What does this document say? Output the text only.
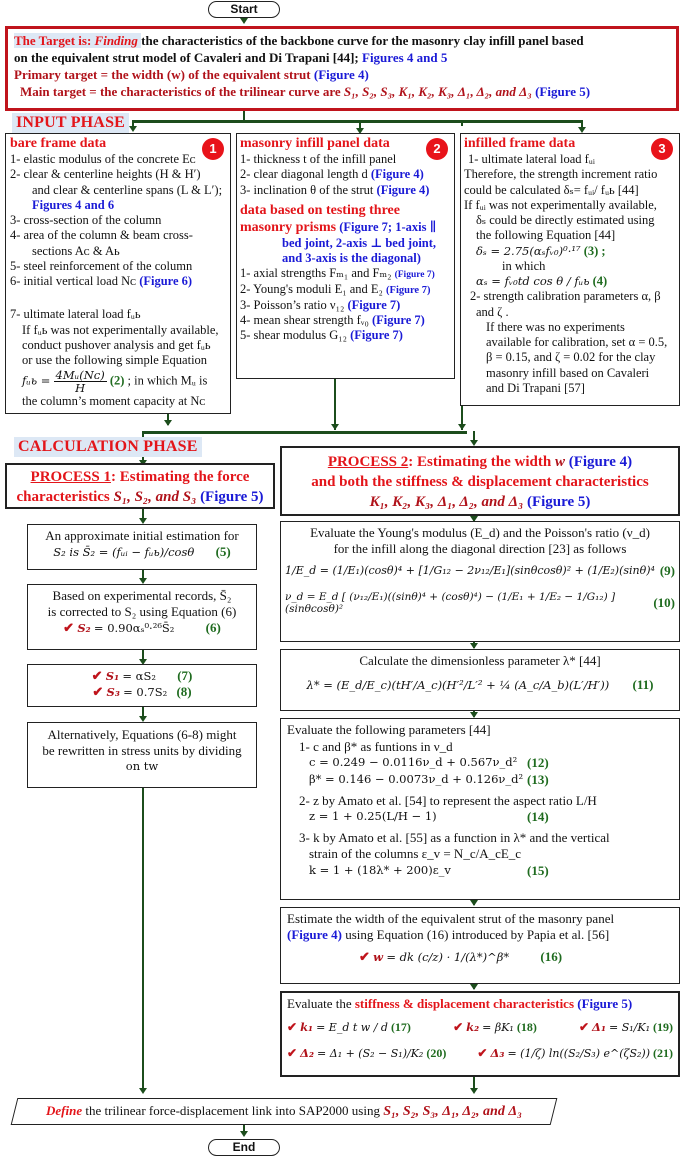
Start
The Target is: Finding the characteristics of the backbone curve for the masonry clay infill panel based
on the equivalent strut model of Cavaleri and Di Trapani [44]; Figures 4 and 5
Primary target = the width (w) of the equivalent strut (Figure 4)
Main target = the characteristics of the trilinear curve are S₁, S₂, S₃, K₁, K₂, K₃, Δ₁, Δ₂, and Δ₃ (Figure 5)
INPUT PHASE
1
bare frame data
1- elastic modulus of the concrete Eᴄ
2- clear & centerline heights (H & H′)
and clear & centerline spans (L & L′);
Figures 4 and 6
3- cross-section of the column
4- area of the column & beam cross-
sections Aᴄ & Aь
5- steel reinforcement of the column
6- initial vertical load Nᴄ (Figure 6)
7- ultimate lateral load fᵤь
If fᵤь was not experimentally available,
conduct pushover analysis and get fᵤь
or use the following simple Equation
fᵤь = $\frac{\text{4Mᵤ(Nᴄ)}}{H} (2)$ ; in which Mᵤ is
the column’s moment capacity at Nᴄ
2
masonry infill panel data
1- thickness t of the infill panel
2- clear diagonal length d (Figure 4)
3- inclination θ of the strut (Figure 4)
data based on testing three
masonry prisms (Figure 7; 1-axis ∥
bed joint, 2-axis ⊥ bed joint,
and 3-axis is the diagonal)
1- axial strengths Fₘ₁ and Fₘ₂ (Figure 7)
2- Young's moduli E₁ and E₂ (Figure 7)
3- Poisson’s ratio ν₁₂ (Figure 7)
4- mean shear strength fᵥ₀ (Figure 7)
5- shear modulus G₁₂ (Figure 7)
3
infilled frame data
1- ultimate lateral load fᵤᵢ
Therefore, the strength increment ratio
could be calculated δₛ= fᵤᵢ/ fᵤь [44]
If fᵤᵢ was not experimentally available,
δₛ could be directly estimated using
the following Equation [44]
δₛ = 2.75(αₛfᵥ₀)⁰·¹⁷ (3) ;
in which
αₛ = fᵥ₀td cos θ / fᵤь (4)
2- strength calibration parameters α, β
and ζ .
If there was no experiments
available for calibration, set α = 0.5,
β = 0.15, and ζ = 0.02 for the clay
masonry infill based on Cavaleri
and Di Trapani [57]
CALCULATION PHASE
PROCESS 1: Estimating the force
characteristics S₁, S₂, and S₃ (Figure 5)
An approximate initial estimation for
S₂ is S̄₂ = (fᵤᵢ − fᵤь)/cosθ (5)
Based on experimental records, S̄₂
is corrected to S₂ using Equation (6)
✔ S₂ = 0.90αₛ⁰·²⁶S̄₂ (6)
✔ S₁ = αS₂ (7)
✔ S₃ = 0.7S₂ (8)
Alternatively, Equations (6-8) might
be rewritten in stress units by dividing
on tw
PROCESS 2: Estimating the width w (Figure 4)
and both the stiffness & displacement characteristics
K₁, K₂, K₃, Δ₁, Δ₂, and Δ₃ (Figure 5)
Evaluate the Young's modulus (E_d) and the Poisson's ratio (ν_d)
for the infill along the diagonal direction [23] as follows
1/E_d = (1/E₁)(cosθ)⁴ + [1/G₁₂ − 2ν₁₂/E₁](sinθcosθ)² + (1/E₂)(sinθ)⁴ (9)
ν_d = E_d [ (ν₁₂/E₁)((sinθ)⁴ + (cosθ)⁴) − (1/E₁ + 1/E₂ − 1/G₁₂) ] (sinθcosθ)²	(10)
Calculate the dimensionless parameter λ* [44]
λ* = (E_d/E_c)(tH′/A_c)(H′²/L′² + ¼ (A_c/A_b)(L′/H′)) (11)
Evaluate the following parameters [44]
1- c and β* as funtions in ν_d
c = 0.249 − 0.0116ν_d + 0.567ν_d² (12)
β* = 0.146 − 0.0073ν_d + 0.126ν_d² (13)
2- z by Amato et al. [54] to represent the aspect ratio L/H
z = 1 + 0.25(L/H − 1)	(14)
3- k by Amato et al. [55] as a function in λ* and the vertical
strain of the columns ε_v = N_c/A_cE_c
k = 1 + (18λ* + 200)ε_v	(15)
Estimate the width of the equivalent strut of the masonry panel
(Figure 4) using Equation (16) introduced by Papia et al. [56]
✔ w = dk (c/z) · 1/(λ*)^β* (16)
Evaluate the stiffness & displacement characteristics (Figure 5)
✔ k₁ = E_d t w / d (17)	✔ k₂ = βK₁ (18)	✔ Δ₁ = S₁/K₁ (19)
✔ Δ₂ = Δ₁ + (S₂ − S₁)/K₂ (20)	✔ Δ₃ = (1/ζ) ln((S₂/S₃) e^(ζS₂)) (21)
Define the trilinear force-displacement link into SAP2000 using S₁, S₂, S₃, Δ₁, Δ₂, and Δ₃
End
